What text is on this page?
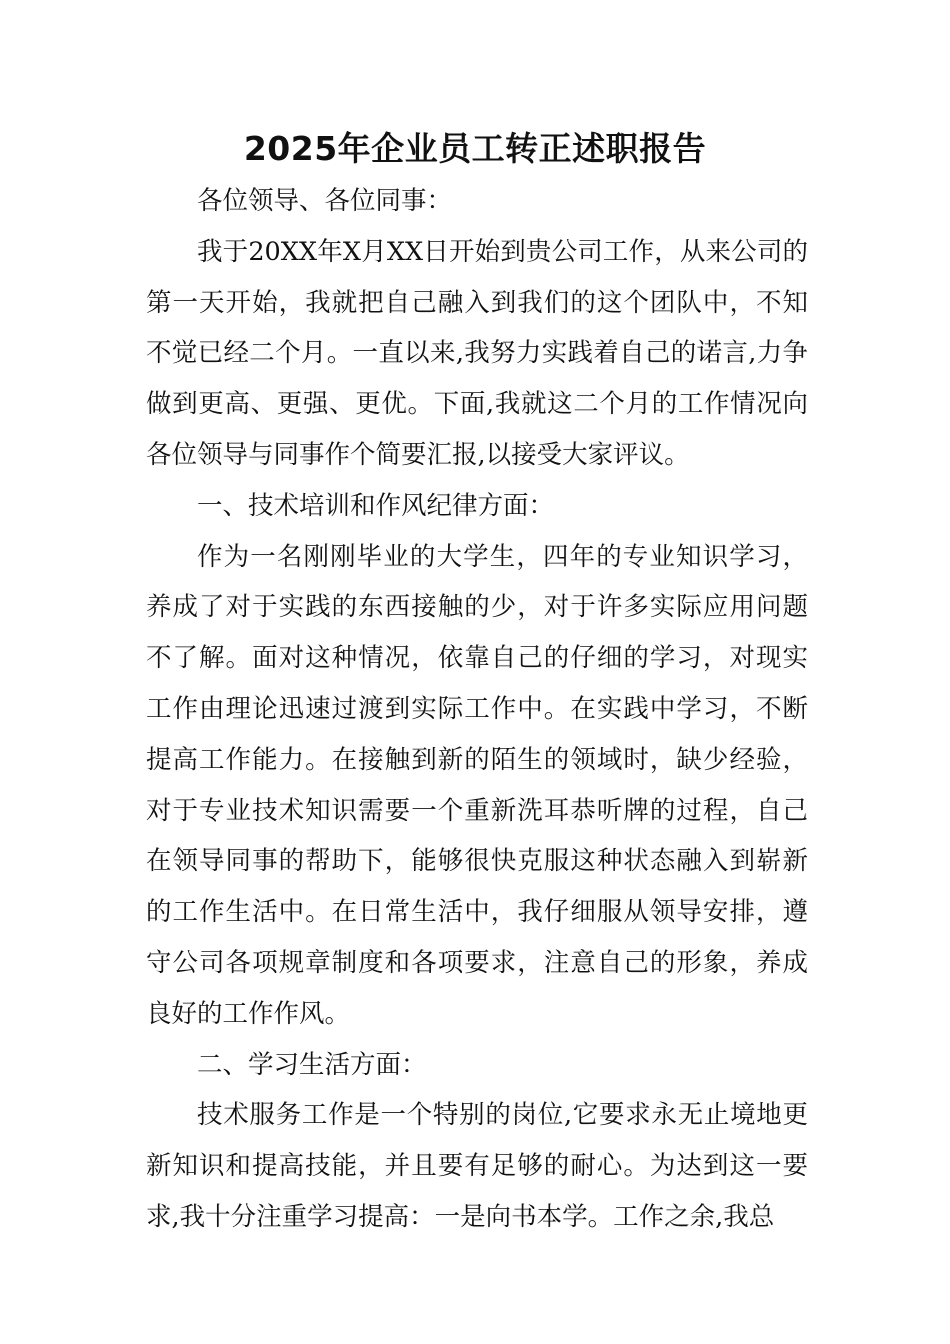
2025年企业员工转正述职报告

各位领导、各位同事：

我于20XX年X月XX日开始到贵公司工作，从来公司的第一天开始，我就把自己融入到我们的这个团队中，不知不觉已经二个月。一直以来,我努力实践着自己的诺言,力争做到更高、更强、更优。下面,我就这二个月的工作情况向各位领导与同事作个简要汇报,以接受大家评议。

一、技术培训和作风纪律方面：

作为一名刚刚毕业的大学生，四年的专业知识学习，养成了对于实践的东西接触的少，对于许多实际应用问题不了解。面对这种情况，依靠自己的仔细的学习，对现实工作由理论迅速过渡到实际工作中。在实践中学习，不断提高工作能力。在接触到新的陌生的领域时，缺少经验，对于专业技术知识需要一个重新洗耳恭听牌的过程，自己在领导同事的帮助下，能够很快克服这种状态融入到崭新的工作生活中。在日常生活中，我仔细服从领导安排，遵守公司各项规章制度和各项要求，注意自己的形象，养成良好的工作作风。

二、学习生活方面：

技术服务工作是一个特别的岗位,它要求永无止境地更新知识和提高技能，并且要有足够的耐心。为达到这一要求,我十分注重学习提高：一是向书本学。工作之余,我总
